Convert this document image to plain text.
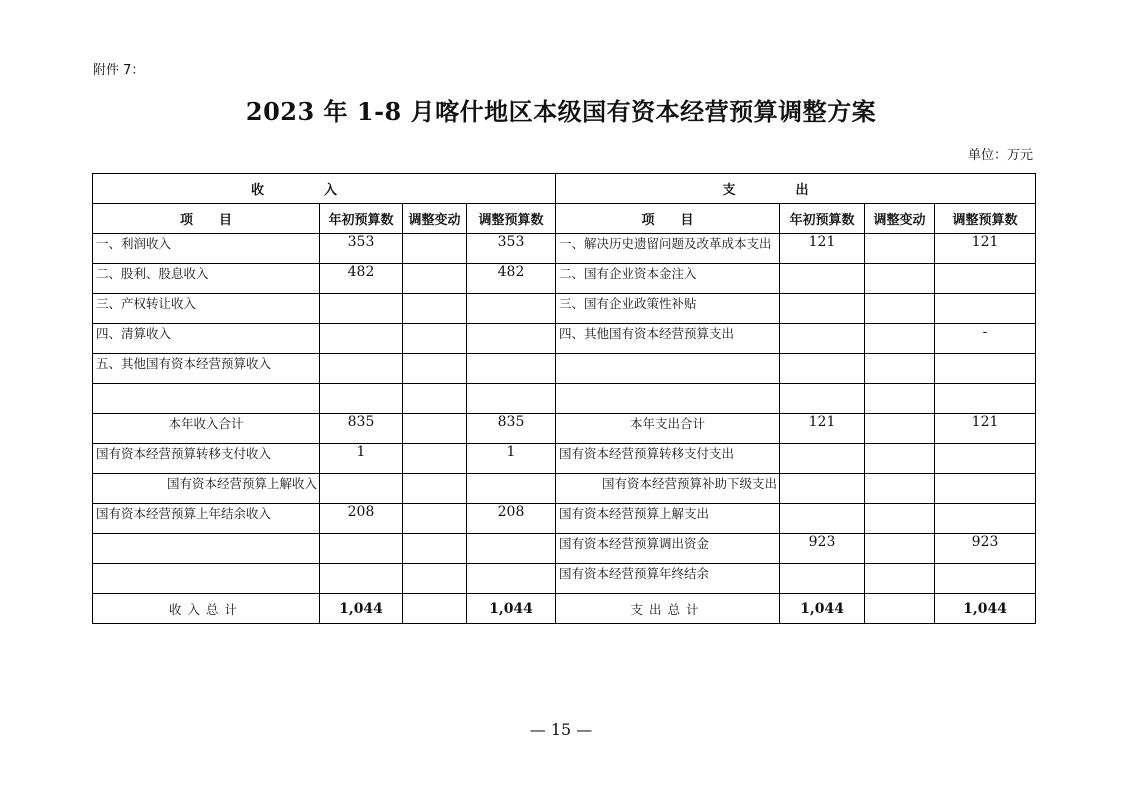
附件 7：
2023 年 1-8 月喀什地区本级国有资本经营预算调整方案
单位：万元
收入				支出			
项　　目	年初预算数	调整变动	调整预算数	项　　目	年初预算数	调整变动	调整预算数
一、利润收入	353		353	一、解决历史遗留问题及改革成本支出	121		121
二、股利、股息收入	482		482	二、国有企业资本金注入			
三、产权转让收入				三、国有企业政策性补贴			
四、清算收入				四、其他国有资本经营预算支出			-
五、其他国有资本经营预算收入							

本年收入合计	835		835	本年支出合计	121		121
国有资本经营预算转移支付收入	1		1	国有资本经营预算转移支付支出			
国有资本经营预算上解收入				国有资本经营预算补助下级支出			
国有资本经营预算上年结余收入	208		208	国有资本经营预算上解支出			
				国有资本经营预算调出资金	923		923
				国有资本经营预算年终结余			
收入总计	1,044		1,044	支出总计	1,044		1,044
— 15 —
